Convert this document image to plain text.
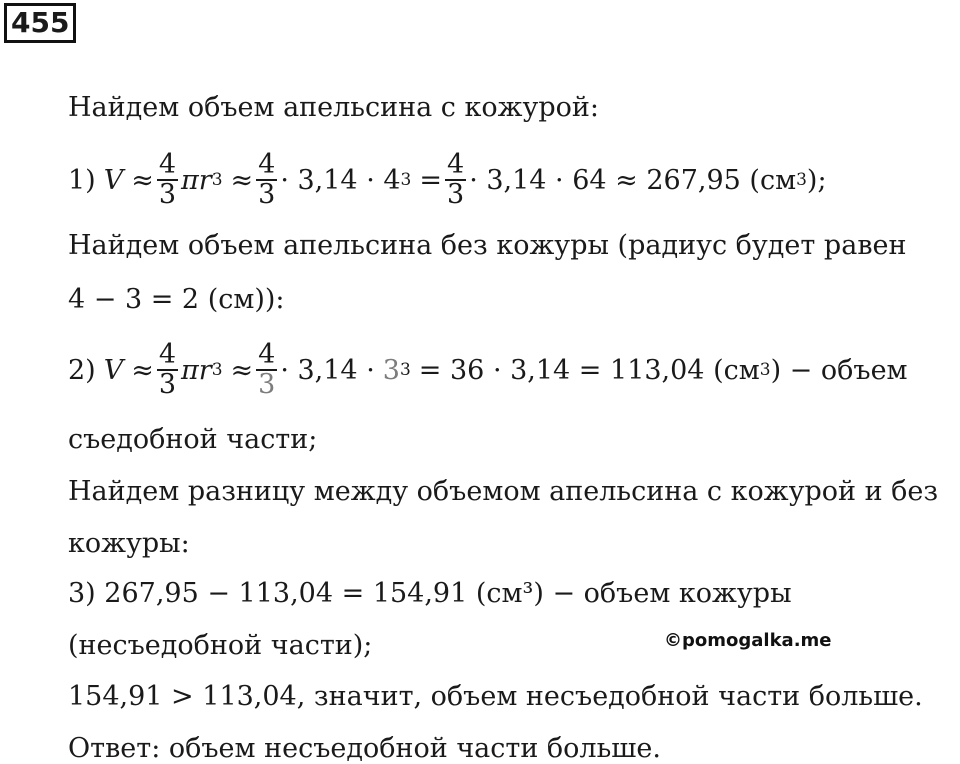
455
Найдем объем апельсина с кожурой:
1) $V \approx \frac{4}{3}$ πr $3 \approx \frac{4}{3} \cdot 3,14 \cdot 4$ $3 = \frac{4}{3} \cdot 3,14 \cdot 64 \approx 267,95$ (см 3 );
Найдем объем апельсина без кожуры (радиус будет равен
4 − 3 = 2 (см)):
2) $V \approx \frac{4}{3}$ πr $3 \approx \frac{4}{3} \cdot 3,14 \cdot 3$ 3 = 36 · 3,14 = 113,04 (см 3 ) − объем
съедобной части;
Найдем разницу между объемом апельсина с кожурой и без
кожуры:
3) 267,95 − 113,04 = 154,91 (см³) − объем кожуры
(несъедобной части);	©pomogalka.me
154,91 > 113,04, значит, объем несъедобной части больше.
Ответ: объем несъедобной части больше.
